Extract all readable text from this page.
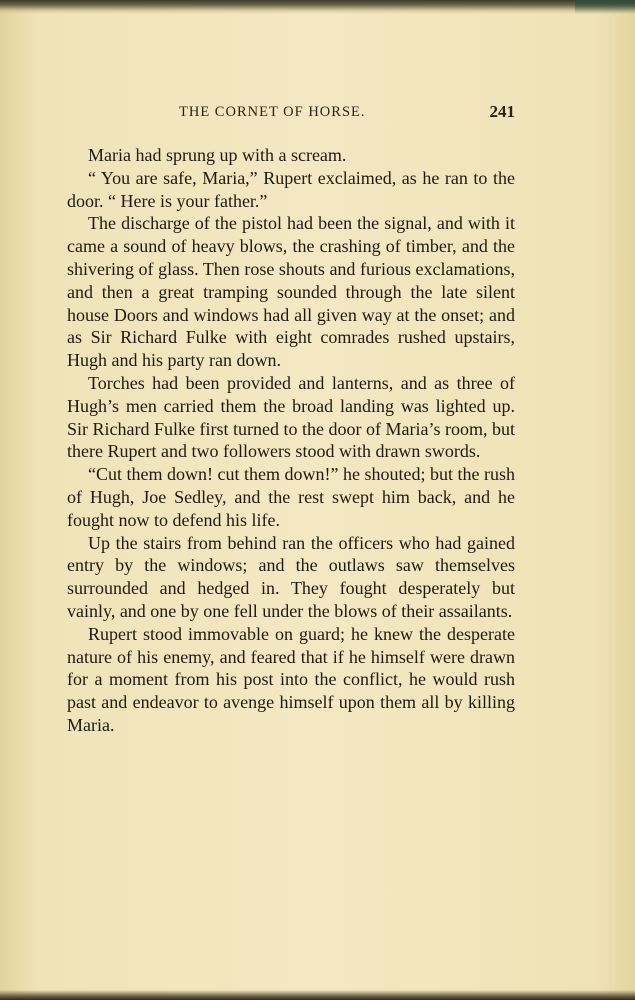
THE CORNET OF HORSE.	241

Maria had sprung up with a scream.

“ You are safe, Maria,” Rupert exclaimed, as he ran to the door. “ Here is your father.”

The discharge of the pistol had been the signal, and with it came a sound of heavy blows, the crashing of timber, and the shivering of glass. Then rose shouts and furious exclamations, and then a great tramping sounded through the late silent house Doors and windows had all given way at the onset; and as Sir Richard Fulke with eight comrades rushed upstairs, Hugh and his party ran down.

Torches had been provided and lanterns, and as three of Hugh’s men carried them the broad landing was lighted up. Sir Richard Fulke first turned to the door of Maria’s room, but there Rupert and two followers stood with drawn swords.

“Cut them down! cut them down!” he shouted; but the rush of Hugh, Joe Sedley, and the rest swept him back, and he fought now to defend his life.

Up the stairs from behind ran the officers who had gained entry by the windows; and the outlaws saw themselves surrounded and hedged in. They fought desperately but vainly, and one by one fell under the blows of their assailants.

Rupert stood immovable on guard; he knew the desperate nature of his enemy, and feared that if he himself were drawn for a moment from his post into the conflict, he would rush past and endeavor to avenge himself upon them all by killing Maria.
